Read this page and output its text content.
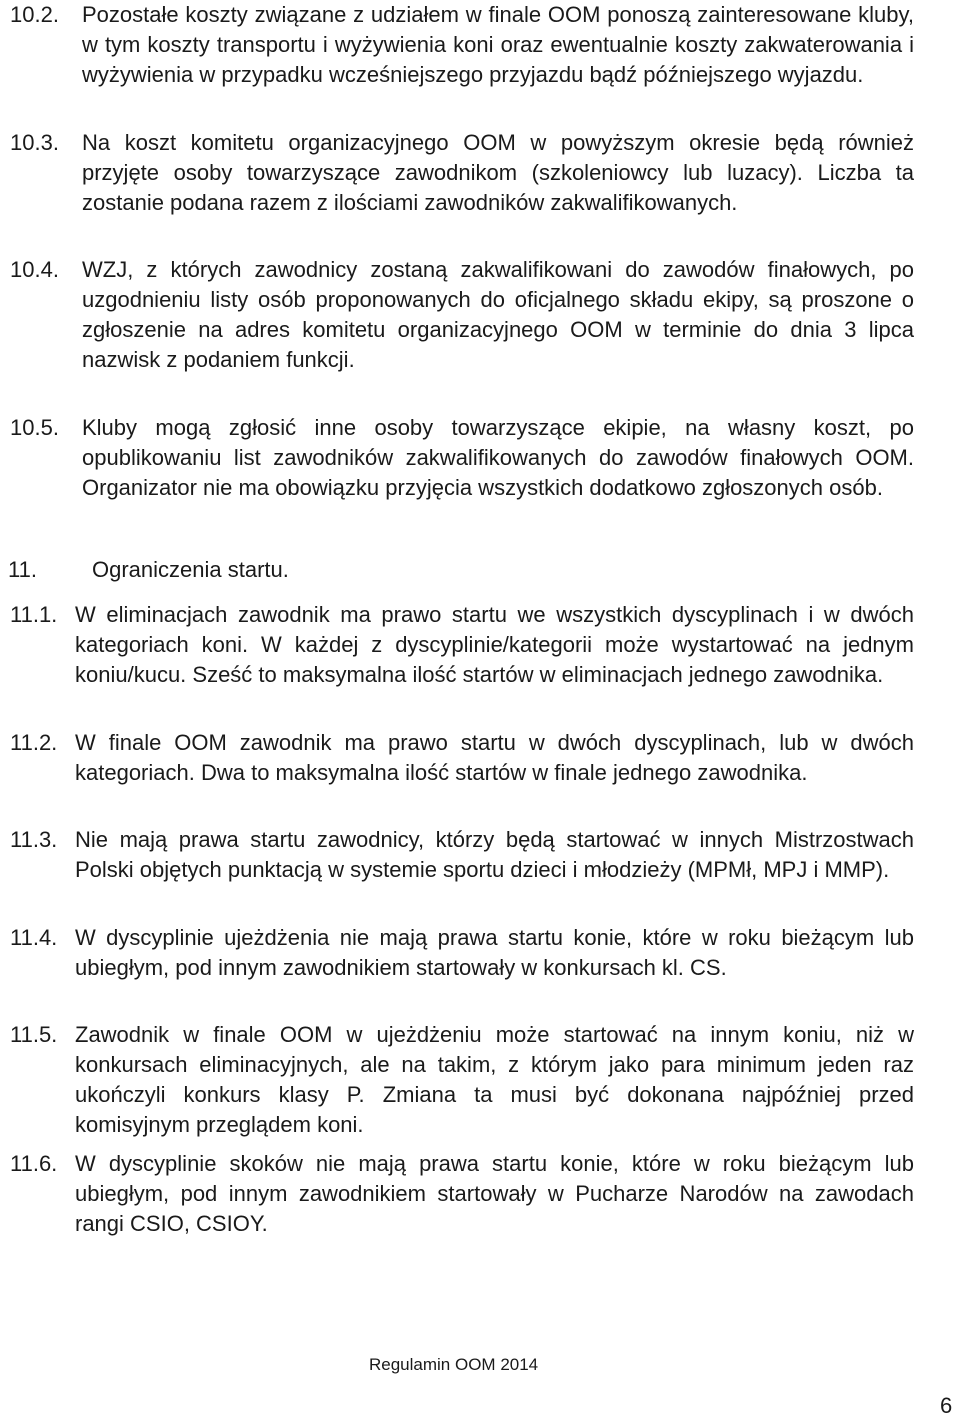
10.2. Pozostałe koszty związane z udziałem w finale OOM ponoszą zainteresowane kluby, w tym koszty transportu i wyżywienia koni oraz ewentualnie koszty zakwaterowania i wyżywienia w przypadku wcześniejszego przyjazdu bądź późniejszego wyjazdu.
10.3. Na koszt komitetu organizacyjnego OOM w powyższym okresie będą również przyjęte osoby towarzyszące zawodnikom (szkoleniowcy lub luzacy). Liczba ta zostanie podana razem z ilościami zawodników zakwalifikowanych.
10.4. WZJ, z których zawodnicy zostaną zakwalifikowani do zawodów finałowych, po uzgodnieniu listy osób proponowanych do oficjalnego składu ekipy, są proszone o zgłoszenie na adres komitetu organizacyjnego OOM w terminie do dnia 3 lipca nazwisk z podaniem funkcji.
10.5. Kluby mogą zgłosić inne osoby towarzyszące ekipie, na własny koszt, po opublikowaniu list zawodników zakwalifikowanych do zawodów finałowych OOM. Organizator nie ma obowiązku przyjęcia wszystkich dodatkowo zgłoszonych osób.
11.	Ograniczenia startu.
11.1. W eliminacjach zawodnik ma prawo startu we wszystkich dyscyplinach i w dwóch kategoriach koni. W każdej z dyscyplinie/kategorii może wystartować na jednym koniu/kucu. Sześć to maksymalna ilość startów w eliminacjach jednego zawodnika.
11.2. W finale OOM zawodnik ma prawo startu w dwóch dyscyplinach, lub w dwóch kategoriach. Dwa to maksymalna ilość startów w finale jednego zawodnika.
11.3. Nie mają prawa startu zawodnicy, którzy będą startować w innych Mistrzostwach Polski objętych punktacją w systemie sportu dzieci i młodzieży (MPMł, MPJ i MMP).
11.4. W dyscyplinie ujeżdżenia nie mają prawa startu konie, które w roku bieżącym lub ubiegłym, pod innym zawodnikiem startowały w konkursach kl. CS.
11.5. Zawodnik w finale OOM w ujeżdżeniu może startować na innym koniu, niż w konkursach eliminacyjnych, ale na takim, z którym jako para minimum jeden raz ukończyli konkurs klasy P. Zmiana ta musi być dokonana najpóźniej przed komisyjnym przeglądem koni.
11.6. W dyscyplinie skoków nie mają prawa startu konie, które w roku bieżącym lub ubiegłym, pod innym zawodnikiem startowały w Pucharze Narodów na zawodach rangi CSIO, CSIOY.
Regulamin OOM 2014
6
